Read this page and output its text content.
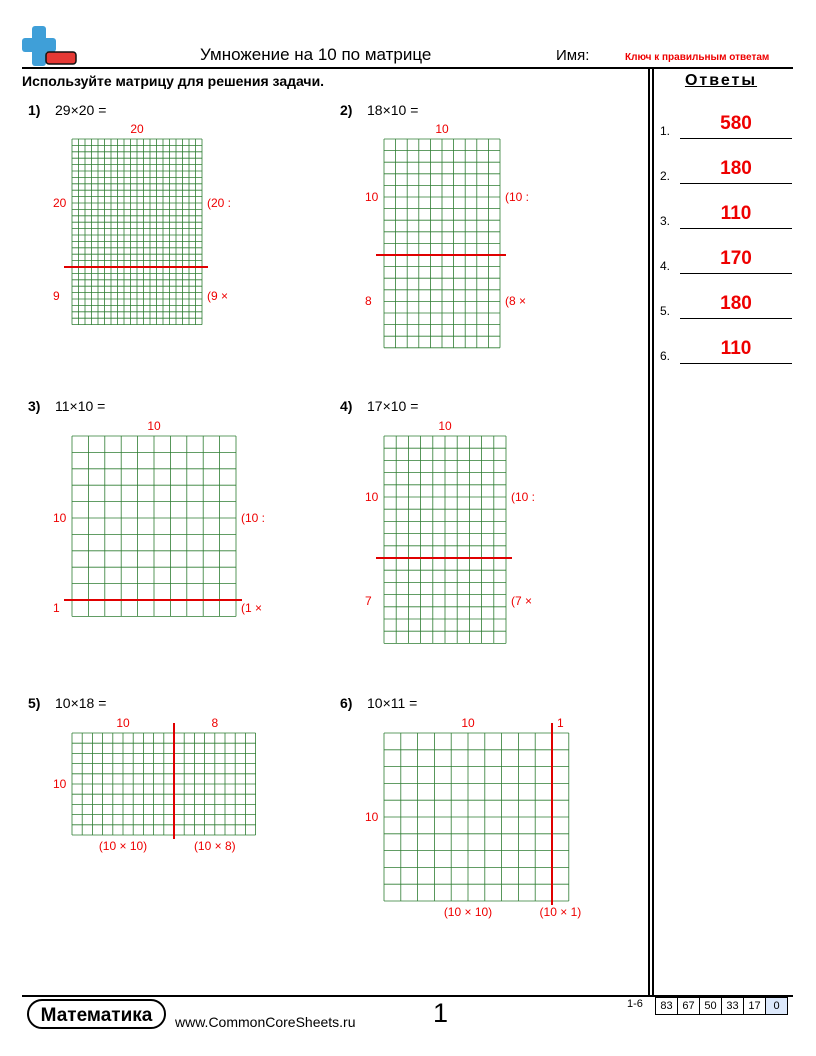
Умножение на 10 по матрице	Имя:	Ключ к правильным ответам
Используйте матрицу для решения задачи.	Ответы
1.	580
2.	180
3.	110
4.	170
5.	180
6.	110
1) 29×20 =
20
20
9
(20 :
(9 ×
2) 18×10 =
10
10
8
(10 :
(8 ×
3) 11×10 =
10
10
1
(10 :
(1 ×
4) 17×10 =
10
10
7
(10 :
(7 ×
5) 10×18 =
10	8
10
(10 × 10)	(10 × 8)
6) 10×11 =
10	1
10
(10 × 10)	(10 × 1)
Математика	www.CommonCoreSheets.ru	1	1-6	83 67 50 33 17	0
